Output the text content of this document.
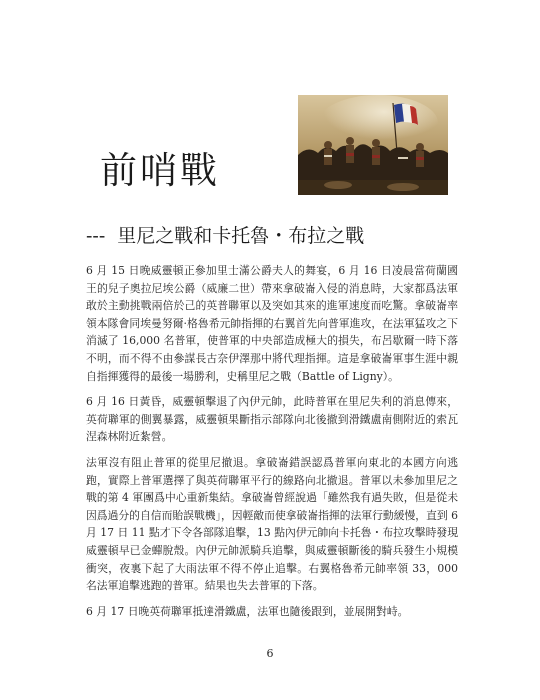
前哨戰
--- 里尼之戰和卡托魯・布拉之戰

6 月 15 日晚威靈頓正參加里士滿公爵夫人的舞宴，6 月 16 日凌晨當荷蘭國王的兒子奧拉尼埃公爵（威廉二世）帶來拿破崙入侵的消息時，大家都爲法軍敢於主動挑戰兩倍於己的英普聯軍以及突如其來的進軍速度而吃驚。拿破崙率領本隊會同埃曼努爾·格魯希元帥指揮的右翼首先向普軍進攻，在法軍猛攻之下消滅了 16,000 名普軍，使普軍的中央部造成極大的損失，布呂歇爾一時下落不明，而不得不由參謀長古奈伊澤那中將代理指揮。這是拿破崙軍事生涯中親自指揮獲得的最後一場勝利，史稱里尼之戰（Battle of Ligny）。

6 月 16 日黃昏，威靈頓擊退了內伊元帥，此時普軍在里尼失利的消息傳來，英荷聯軍的側翼暴露，威靈頓果斷指示部隊向北後撤到滑鐵盧南側附近的索瓦涅森林附近紮營。

法軍沒有阻止普軍的從里尼撤退。拿破崙錯誤認爲普軍向東北的本國方向逃跑，實際上普軍選擇了與英荷聯軍平行的線路向北撤退。普軍以未參加里尼之戰的第 4 軍團爲中心重新集結。拿破崙曾經說過「雖然我有過失敗，但是從未因爲過分的自信而貽誤戰機」，因輕敵而使拿破崙指揮的法軍行動緩慢，直到 6 月 17 日 11 點才下令各部隊追擊，13 點內伊元帥向卡托魯・布拉攻擊時發現威靈頓早已金蟬脫殼。內伊元帥派騎兵追擊，與威靈頓斷後的騎兵發生小規模衝突，夜裏下起了大雨法軍不得不停止追擊。右翼格魯希元帥率領 33，000 名法軍追擊逃跑的普軍。結果也失去普軍的下落。

6 月 17 日晚英荷聯軍抵達滑鐵盧，法軍也隨後跟到，並展開對峙。

6
